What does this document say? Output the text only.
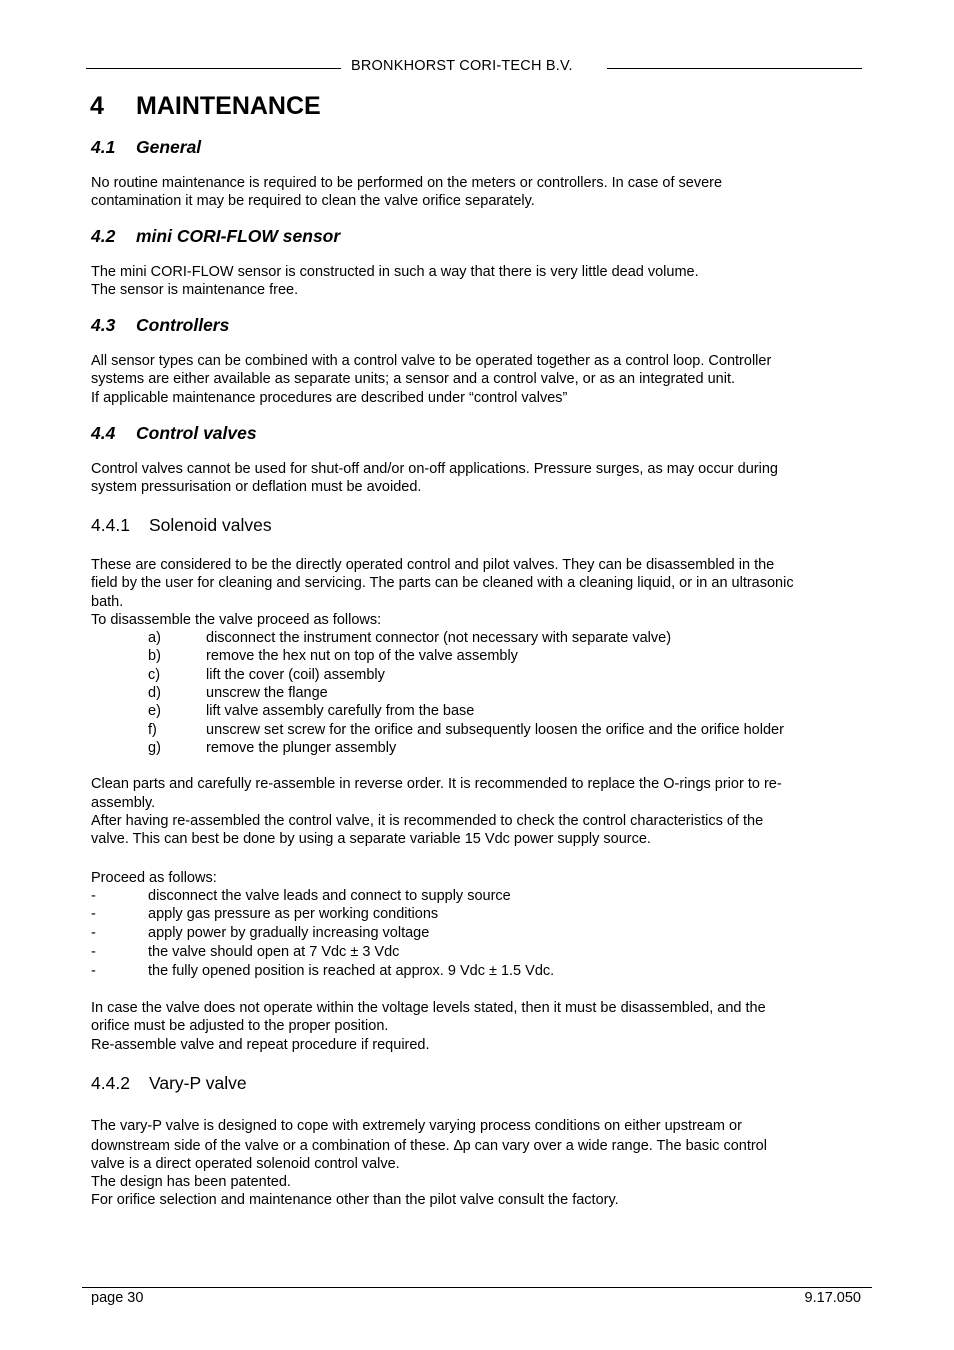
BRONKHORST CORI-TECH B.V.
4 MAINTENANCE
4.1 General
No routine maintenance is required to be performed on the meters or controllers. In case of severe
contamination it may be required to clean the valve orifice separately.
4.2 mini CORI-FLOW sensor
The mini CORI-FLOW sensor is constructed in such a way that there is very little dead volume.
The sensor is maintenance free.
4.3 Controllers
All sensor types can be combined with a control valve to be operated together as a control loop. Controller
systems are either available as separate units; a sensor and a control valve, or as an integrated unit.
If applicable maintenance procedures are described under “control valves”
4.4 Control valves
Control valves cannot be used for shut-off and/or on-off applications. Pressure surges, as may occur during
system pressurisation or deflation must be avoided.
4.4.1 Solenoid valves
These are considered to be the directly operated control and pilot valves. They can be disassembled in the
field by the user for cleaning and servicing. The parts can be cleaned with a cleaning liquid, or in an ultrasonic
bath.
To disassemble the valve proceed as follows:
a)	disconnect the instrument connector (not necessary with separate valve)
b)	remove the hex nut on top of the valve assembly
c)	lift the cover (coil) assembly
d)	unscrew the flange
e)	lift valve assembly carefully from the base
f)	unscrew set screw for the orifice and subsequently loosen the orifice and the orifice holder
g)	remove the plunger assembly
Clean parts and carefully re-assemble in reverse order. It is recommended to replace the O-rings prior to re-
assembly.
After having re-assembled the control valve, it is recommended to check the control characteristics of the
valve. This can best be done by using a separate variable 15 Vdc power supply source.
Proceed as follows:
-	disconnect the valve leads and connect to supply source
-	apply gas pressure as per working conditions
-	apply power by gradually increasing voltage
-	the valve should open at 7 Vdc ± 3 Vdc
-	the fully opened position is reached at approx. 9 Vdc ± 1.5 Vdc.
In case the valve does not operate within the voltage levels stated, then it must be disassembled, and the
orifice must be adjusted to the proper position.
Re-assemble valve and repeat procedure if required.
4.4.2 Vary-P valve
The vary-P valve is designed to cope with extremely varying process conditions on either upstream or
downstream side of the valve or a combination of these. ∆p can vary over a wide range. The basic control
valve is a direct operated solenoid control valve.
The design has been patented.
For orifice selection and maintenance other than the pilot valve consult the factory.
page 30	9.17.050
